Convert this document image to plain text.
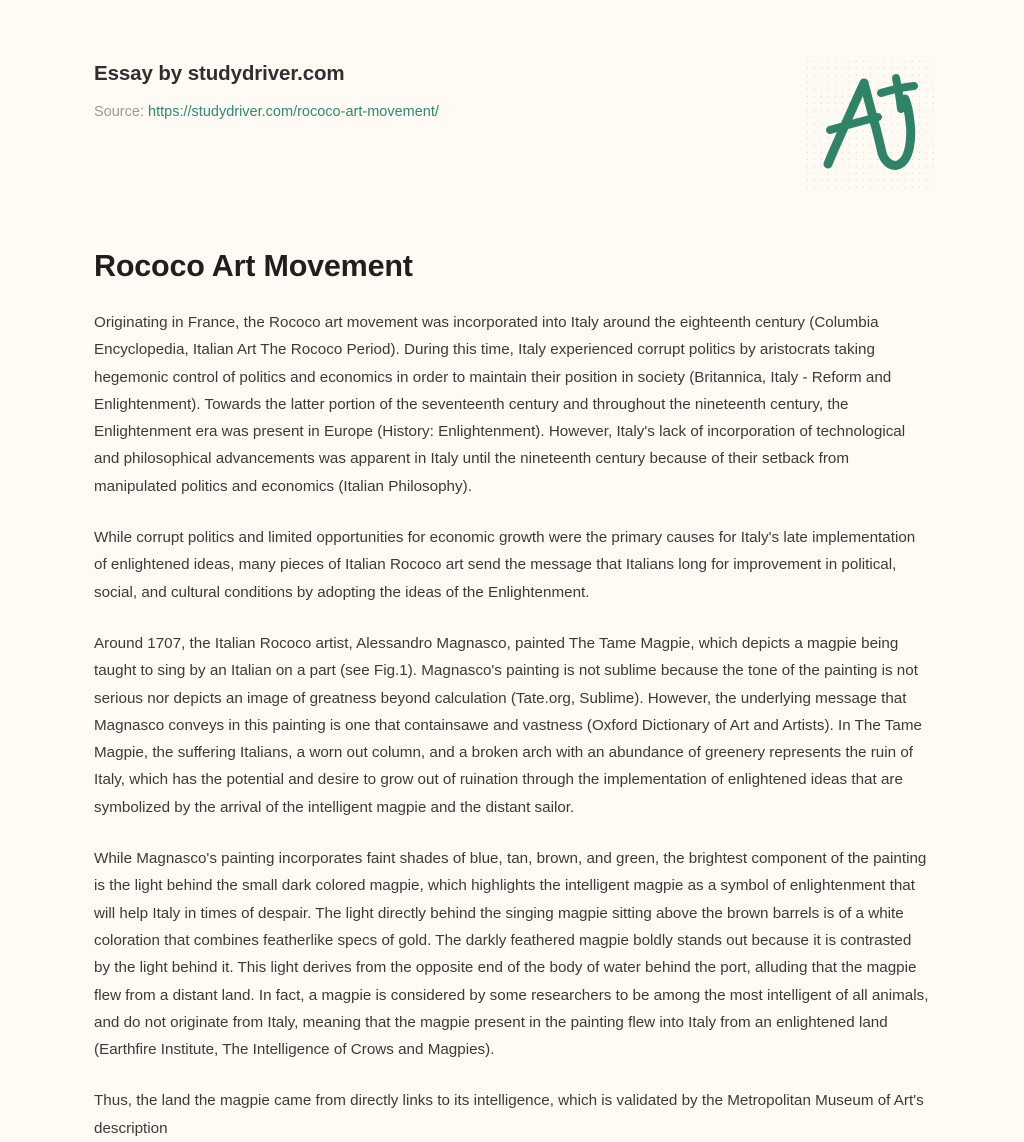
Essay by studydriver.com

Source: https://studydriver.com/rococo-art-movement/
Rococo Art Movement

Originating in France, the Rococo art movement was incorporated into Italy around the eighteenth century (Columbia Encyclopedia, Italian Art The Rococo Period). During this time, Italy experienced corrupt politics by aristocrats taking hegemonic control of politics and economics in order to maintain their position in society (Britannica, Italy - Reform and Enlightenment). Towards the latter portion of the seventeenth century and throughout the nineteenth century, the Enlightenment era was present in Europe (History: Enlightenment). However, Italy's lack of incorporation of technological and philosophical advancements was apparent in Italy until the nineteenth century because of their setback from manipulated politics and economics (Italian Philosophy).

While corrupt politics and limited opportunities for economic growth were the primary causes for Italy's late implementation of enlightened ideas, many pieces of Italian Rococo art send the message that Italians long for improvement in political, social, and cultural conditions by adopting the ideas of the Enlightenment.

Around 1707, the Italian Rococo artist, Alessandro Magnasco, painted The Tame Magpie, which depicts a magpie being taught to sing by an Italian on a part (see Fig.1). Magnasco's painting is not sublime because the tone of the painting is not serious nor depicts an image of greatness beyond calculation (Tate.org, Sublime). However, the underlying message that Magnasco conveys in this painting is one that containsawe and vastness (Oxford Dictionary of Art and Artists). In The Tame Magpie, the suffering Italians, a worn out column, and a broken arch with an abundance of greenery represents the ruin of Italy, which has the potential and desire to grow out of ruination through the implementation of enlightened ideas that are symbolized by the arrival of the intelligent magpie and the distant sailor.

While Magnasco's painting incorporates faint shades of blue, tan, brown, and green, the brightest component of the painting is the light behind the small dark colored magpie, which highlights the intelligent magpie as a symbol of enlightenment that will help Italy in times of despair. The light directly behind the singing magpie sitting above the brown barrels is of a white coloration that combines featherlike specs of gold. The darkly feathered magpie boldly stands out because it is contrasted by the light behind it. This light derives from the opposite end of the body of water behind the port, alluding that the magpie flew from a distant land. In fact, a magpie is considered by some researchers to be among the most intelligent of all animals, and do not originate from Italy, meaning that the magpie present in the painting flew into Italy from an enlightened land (Earthfire Institute, The Intelligence of Crows and Magpies).

Thus, the land the magpie came from directly links to its intelligence, which is validated by the Metropolitan Museum of Art's description
